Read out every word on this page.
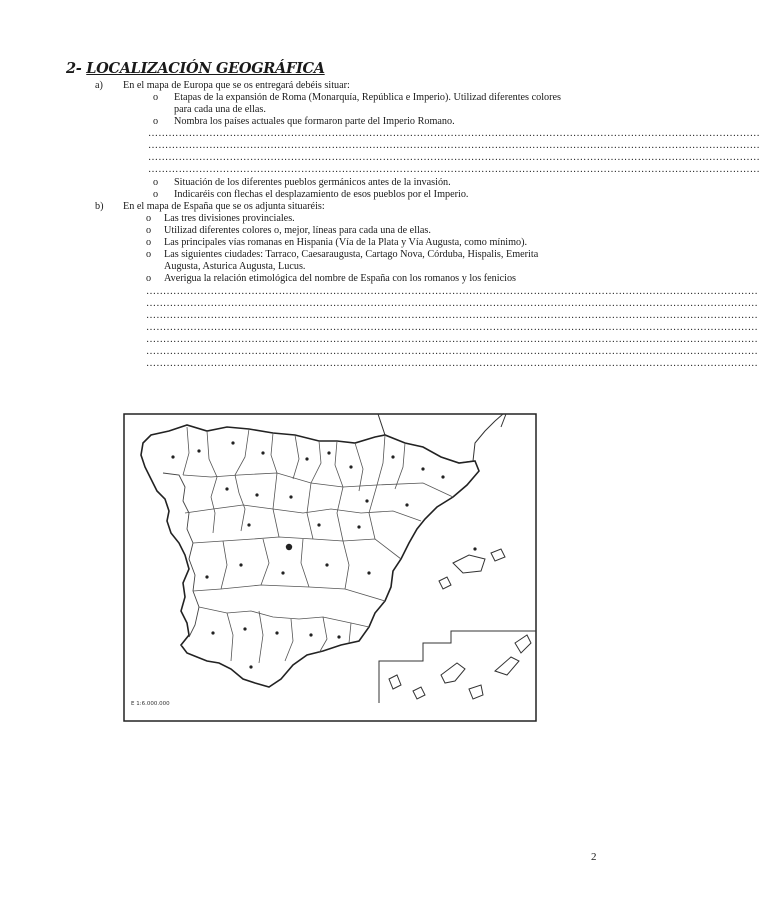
2- LOCALIZACIÓN GEOGRÁFICA
a) En el mapa de Europa que se os entregará debéis situar:
o Etapas de la expansión de Roma (Monarquía, República e Imperio). Utilizad diferentes colores
para cada una de ellas.
o Nombra los países actuales que formaron parte del Imperio Romano.
………………………………………………………………………………………………………………………………………………………………
………………………………………………………………………………………………………………………………………………………………
………………………………………………………………………………………………………………………………………………………………
………………………………………………………………………………………………………………………………………………………………
o Situación de los diferentes pueblos germánicos antes de la invasión.
o Indicaréis con flechas el desplazamiento de esos pueblos por el Imperio.
b) En el mapa de España que se os adjunta situaréis:
o Las tres divisiones provinciales.
o Utilizad diferentes colores o, mejor, líneas para cada una de ellas.
o Las principales vías romanas en Hispania (Vía de la Plata y Vía Augusta, como mínimo).
o Las siguientes ciudades: Tarraco, Caesaraugusta, Cartago Nova, Córduba, Hispalis, Emerita
Augusta, Asturica Augusta, Lucus.
o Averigua la relación etimológica del nombre de España con los romanos y los fenicios
………………………………………………………………………………………………………………………………………………………………
………………………………………………………………………………………………………………………………………………………………
………………………………………………………………………………………………………………………………………………………………
………………………………………………………………………………………………………………………………………………………………
………………………………………………………………………………………………………………………………………………………………
………………………………………………………………………………………………………………………………………………………………
………………………………………………………………………………………………………………………………………………………………
E 1:6.000.000
2
